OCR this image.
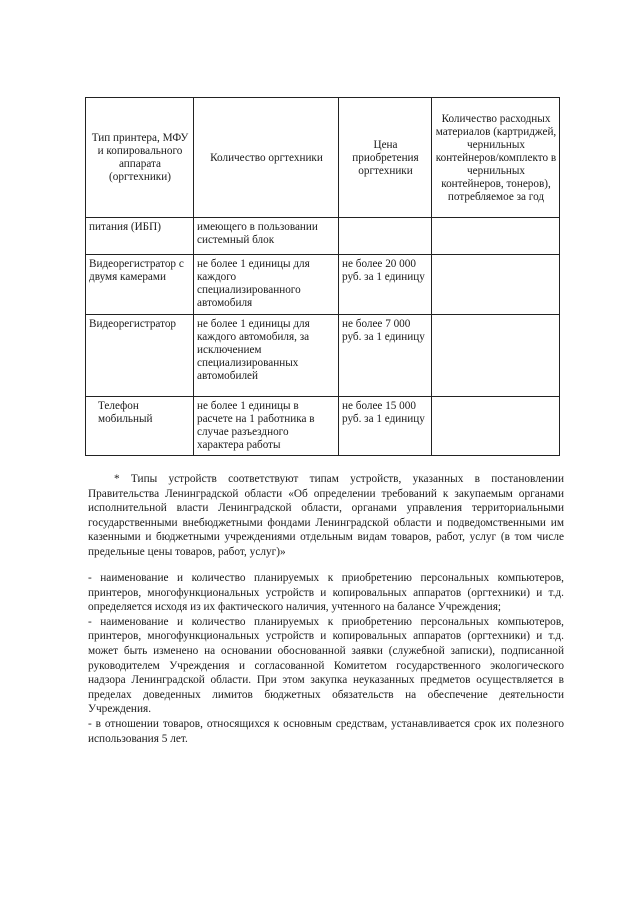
Тип принтера, МФУ и копировального аппарата (оргтехники)	Количество оргтехники	Цена приобретения оргтехники	Количество расходных материалов (картриджей, чернильных контейнеров/комплекто в чернильных контейнеров, тонеров), потребляемое за год
питания (ИБП)	имеющего в пользовании системный блок		
Видеорегистратор с двумя камерами	не более 1 единицы для каждого специализированного автомобиля	не более 20 000 руб. за 1 единицу	
Видеорегистратор	не более 1 единицы для каждого автомобиля, за исключением специализированных автомобилей	не более 7 000 руб. за 1 единицу	
Телефон мобильный	не более 1 единицы в расчете на 1 работника в случае разъездного характера работы	не более 15 000 руб. за 1 единицу	

* Типы устройств соответствуют типам устройств, указанных в постановлении Правительства Ленинградской области «Об определении требований к закупаемым органами исполнительной власти Ленинградской области, органами управления территориальными государственными внебюджетными фондами Ленинградской области и подведомственными им казенными и бюджетными учреждениями отдельным видам товаров, работ, услуг (в том числе предельные цены товаров, работ, услуг)»

- наименование и количество планируемых к приобретению персональных компьютеров, принтеров, многофункциональных устройств и копировальных аппаратов (оргтехники) и т.д. определяется исходя из их фактического наличия, учтенного на балансе Учреждения;

- наименование и количество планируемых к приобретению персональных компьютеров, принтеров, многофункциональных устройств и копировальных аппаратов (оргтехники) и т.д. может быть изменено на основании обоснованной заявки (служебной записки), подписанной руководителем Учреждения и согласованной Комитетом государственного экологического надзора Ленинградской области. При этом закупка неуказанных предметов осуществляется в пределах доведенных лимитов бюджетных обязательств на обеспечение деятельности Учреждения.

- в отношении товаров, относящихся к основным средствам, устанавливается срок их полезного использования 5 лет.
